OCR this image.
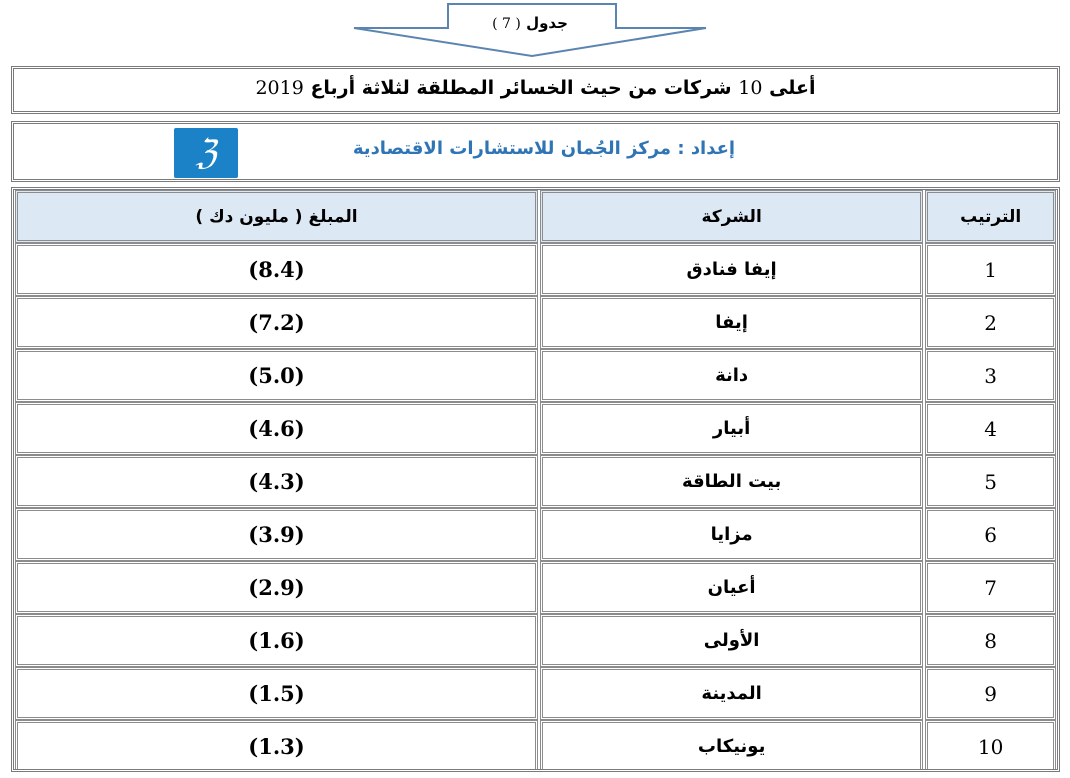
جدول ( 7 )
أعلى 10 شركات من حيث الخسائر المطلقة لثلاثة أرباع 2019
ℨ	إعداد : مركز الجُمان للاستشارات الاقتصادية
المبلغ ( مليون دك )	الشركة	الترتيب
(8.4)	إيفا فنادق	1
(7.2)	إيفا	2
(5.0)	دانة	3
(4.6)	أبيار	4
(4.3)	بيت الطاقة	5
(3.9)	مزايا	6
(2.9)	أعيان	7
(1.6)	الأولى	8
(1.5)	المدينة	9
(1.3)	يونيكاب	10
